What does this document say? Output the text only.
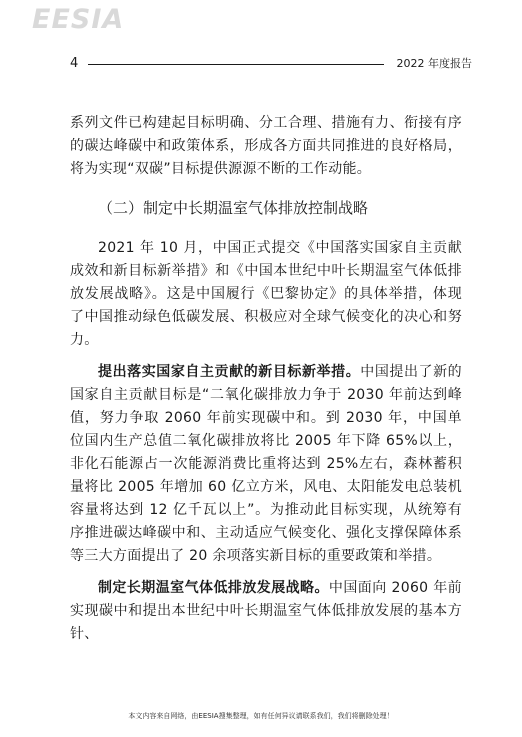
EESIA
4	2022 年度报告

系列文件已构建起目标明确、分工合理、措施有力、衔接有序的碳达峰碳中和政策体系，形成各方面共同推进的良好格局，将为实现“双碳”目标提供源源不断的工作动能。

（二）制定中长期温室气体排放控制战略

2021 年 10 月，中国正式提交《中国落实国家自主贡献成效和新目标新举措》和《中国本世纪中叶长期温室气体低排放发展战略》。这是中国履行《巴黎协定》的具体举措，体现了中国推动绿色低碳发展、积极应对全球气候变化的决心和努力。

提出落实国家自主贡献的新目标新举措。中国提出了新的国家自主贡献目标是“二氧化碳排放力争于 2030 年前达到峰值，努力争取 2060 年前实现碳中和。到 2030 年，中国单位国内生产总值二氧化碳排放将比 2005 年下降 65%以上，非化石能源占一次能源消费比重将达到 25%左右，森林蓄积量将比 2005 年增加 60 亿立方米，风电、太阳能发电总装机容量将达到 12 亿千瓦以上”。为推动此目标实现，从统筹有序推进碳达峰碳中和、主动适应气候变化、强化支撑保障体系等三大方面提出了 20 余项落实新目标的重要政策和举措。

制定长期温室气体低排放发展战略。中国面向 2060 年前实现碳中和提出本世纪中叶长期温室气体低排放发展的基本方针、

本文内容来自网络，由EESIA搜集整理，如有任何异议请联系我们，我们将删除处理！
